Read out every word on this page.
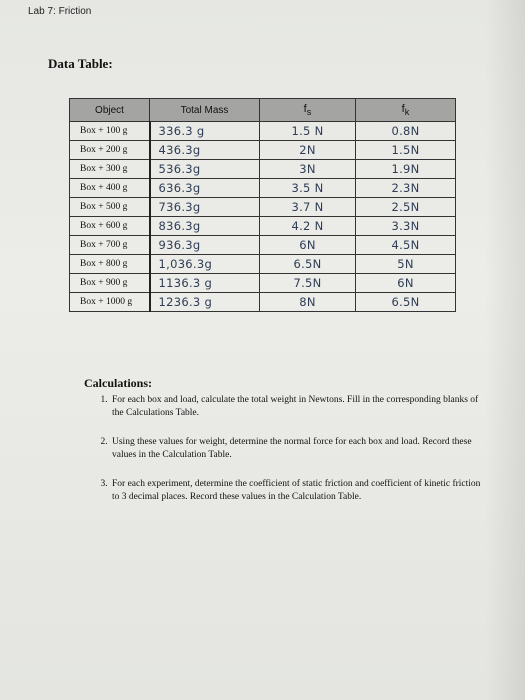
Lab 7: Friction
Data Table:
Object	Total Mass	$f_s$	$f_k$
Box + 100 g	336.3 g	1.5 N	0.8N
Box + 200 g	436.3g	2N	1.5N
Box + 300 g	536.3g	3N	1.9N
Box + 400 g	636.3g	3.5 N	2.3N
Box + 500 g	736.3g	3.7 N	2.5N
Box + 600 g	836.3g	4.2 N	3.3N
Box + 700 g	936.3g	6N	4.5N
Box + 800 g	1,036.3g	6.5N	5N
Box + 900 g	1136.3 g	7.5N	6N
Box + 1000 g	1236.3 g	8N	6.5N
Calculations:
1. For each box and load, calculate the total weight in Newtons. Fill in the corresponding blanks of the Calculations Table.
2. Using these values for weight, determine the normal force for each box and load. Record these values in the Calculation Table.
3. For each experiment, determine the coefficient of static friction and coefficient of kinetic friction to 3 decimal places. Record these values in the Calculation Table.
